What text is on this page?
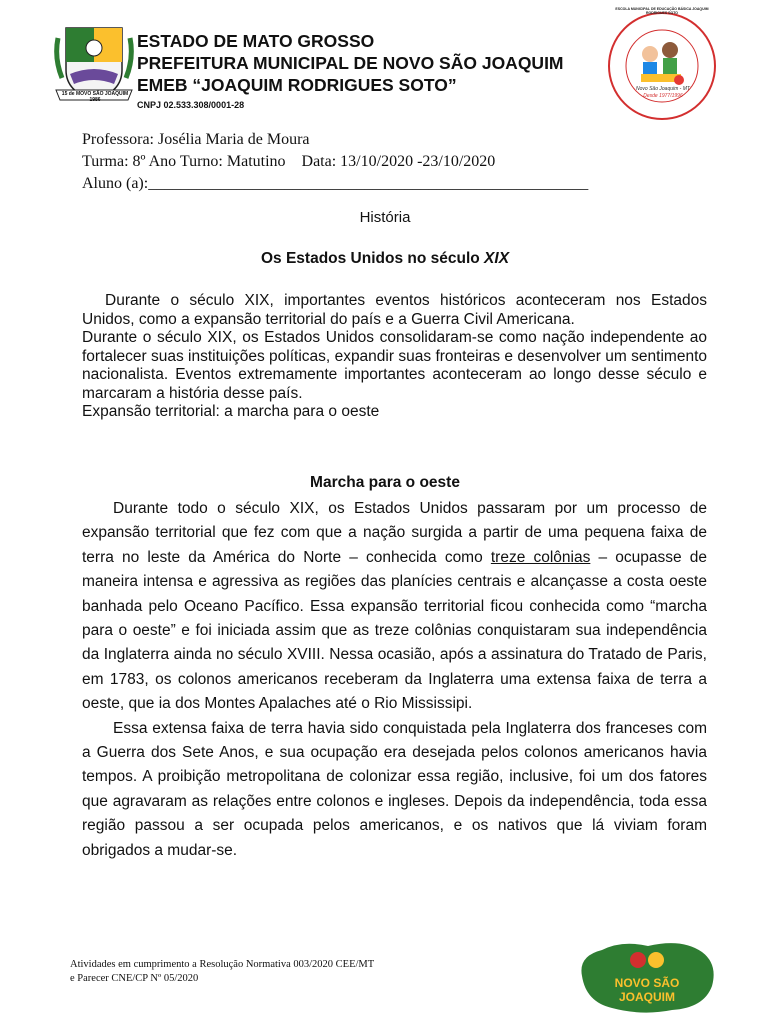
15 de MOVO SÃO JOAQUIM 1986
ESTADO DE MATO GROSSO
PREFEITURA MUNICIPAL DE NOVO SÃO JOAQUIM
EMEB “JOAQUIM RODRIGUES SOTO”
CNPJ 02.533.308/0001-28
ESCOLA MUNICIPAL DE EDUCAÇÃO BÁSICA JOAQUIM RODRIGUES SOTO
Novo São Joaquim - MT
Desde 1977/1996
Professora: Josélia Maria de Moura
Turma: 8º Ano Turno: Matutino    Data: 13/10/2020 -23/10/2020
Aluno (a):_______________________________________________________
História
Os Estados Unidos no século XIX

Durante o século XIX, importantes eventos históricos aconteceram nos Estados Unidos, como a expansão territorial do país e a Guerra Civil Americana.

Durante o século XIX, os Estados Unidos consolidaram-se como nação independente ao fortalecer suas instituições políticas, expandir suas fronteiras e desenvolver um sentimento nacionalista. Eventos extremamente importantes aconteceram ao longo desse século e marcaram a história desse país.

Expansão territorial: a marcha para o oeste

Marcha para o oeste

Durante todo o século XIX, os Estados Unidos passaram por um processo de expansão territorial que fez com que a nação surgida a partir de uma pequena faixa de terra no leste da América do Norte – conhecida como treze colônias – ocupasse de maneira intensa e agressiva as regiões das planícies centrais e alcançasse a costa oeste banhada pelo Oceano Pacífico. Essa expansão territorial ficou conhecida como “marcha para o oeste” e foi iniciada assim que as treze colônias conquistaram sua independência da Inglaterra ainda no século XVIII. Nessa ocasião, após a assinatura do Tratado de Paris, em 1783, os colonos americanos receberam da Inglaterra uma extensa faixa de terra a oeste, que ia dos Montes Apalaches até o Rio Mississipi.

Essa extensa faixa de terra havia sido conquistada pela Inglaterra dos franceses com a Guerra dos Sete Anos, e sua ocupação era desejada pelos colonos americanos havia tempos. A proibição metropolitana de colonizar essa região, inclusive, foi um dos fatores que agravaram as relações entre colonos e ingleses. Depois da independência, toda essa região passou a ser ocupada pelos americanos, e os nativos que lá viviam foram obrigados a mudar-se.

Atividades em cumprimento a Resolução Normativa 003/2020 CEE/MT
e Parecer CNE/CP Nº 05/2020	NOVO SÃO JOAQUIM
